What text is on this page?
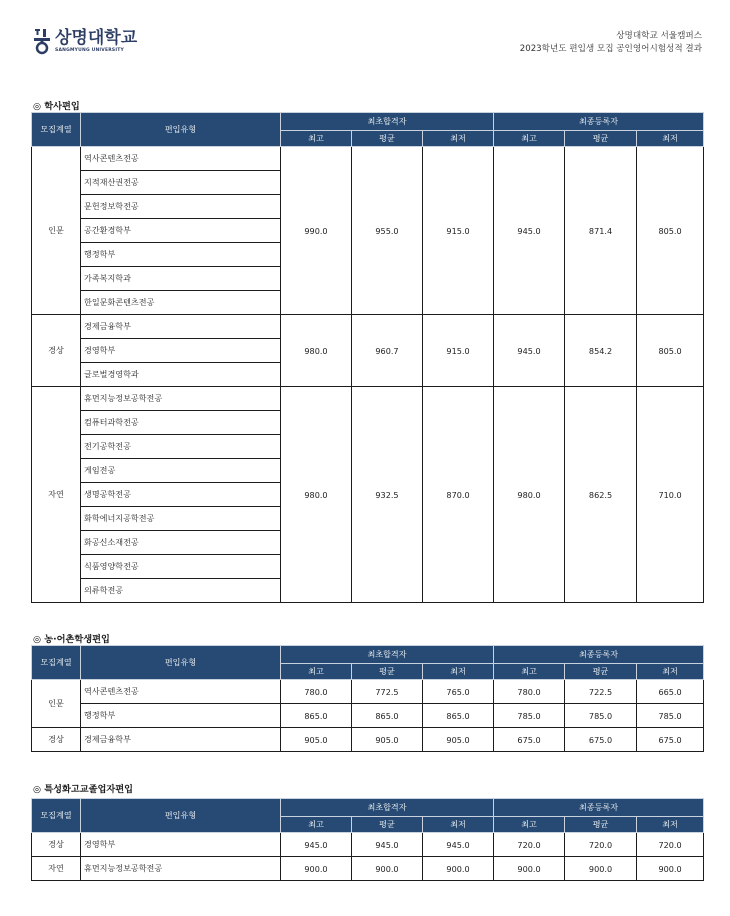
상명대학교
SANGMYUNG UNIVERSITY
상명대학교 서울캠퍼스
2023학년도 편입생 모집 공인영어시험성적 결과
◎ 학사편입
모집계열	편입유형	최초합격자			최종등록자		
		최고	평균	최저	최고	평균	최저
인문	역사콘텐츠전공	990.0	955.0	915.0	945.0	871.4	805.0
	지적재산권전공						
	문헌정보학전공						
	공간환경학부						
	행정학부						
	가족복지학과						
	한일문화콘텐츠전공						
경상	경제금융학부	980.0	960.7	915.0	945.0	854.2	805.0
	경영학부						
	글로벌경영학과						
자연	휴먼지능정보공학전공	980.0	932.5	870.0	980.0	862.5	710.0
	컴퓨터과학전공						
	전기공학전공						
	게임전공						
	생명공학전공						
	화학에너지공학전공						
	화공신소재전공						
	식품영양학전공						
	의류학전공						
◎ 농·어촌학생편입
모집계열	편입유형	최초합격자			최종등록자		
		최고	평균	최저	최고	평균	최저
인문	역사콘텐츠전공	780.0	772.5	765.0	780.0	722.5	665.0
	행정학부	865.0	865.0	865.0	785.0	785.0	785.0
경상	경제금융학부	905.0	905.0	905.0	675.0	675.0	675.0
◎ 특성화고교졸업자편입
모집계열	편입유형	최초합격자			최종등록자		
		최고	평균	최저	최고	평균	최저
경상	경영학부	945.0	945.0	945.0	720.0	720.0	720.0
자연	휴먼지능정보공학전공	900.0	900.0	900.0	900.0	900.0	900.0
